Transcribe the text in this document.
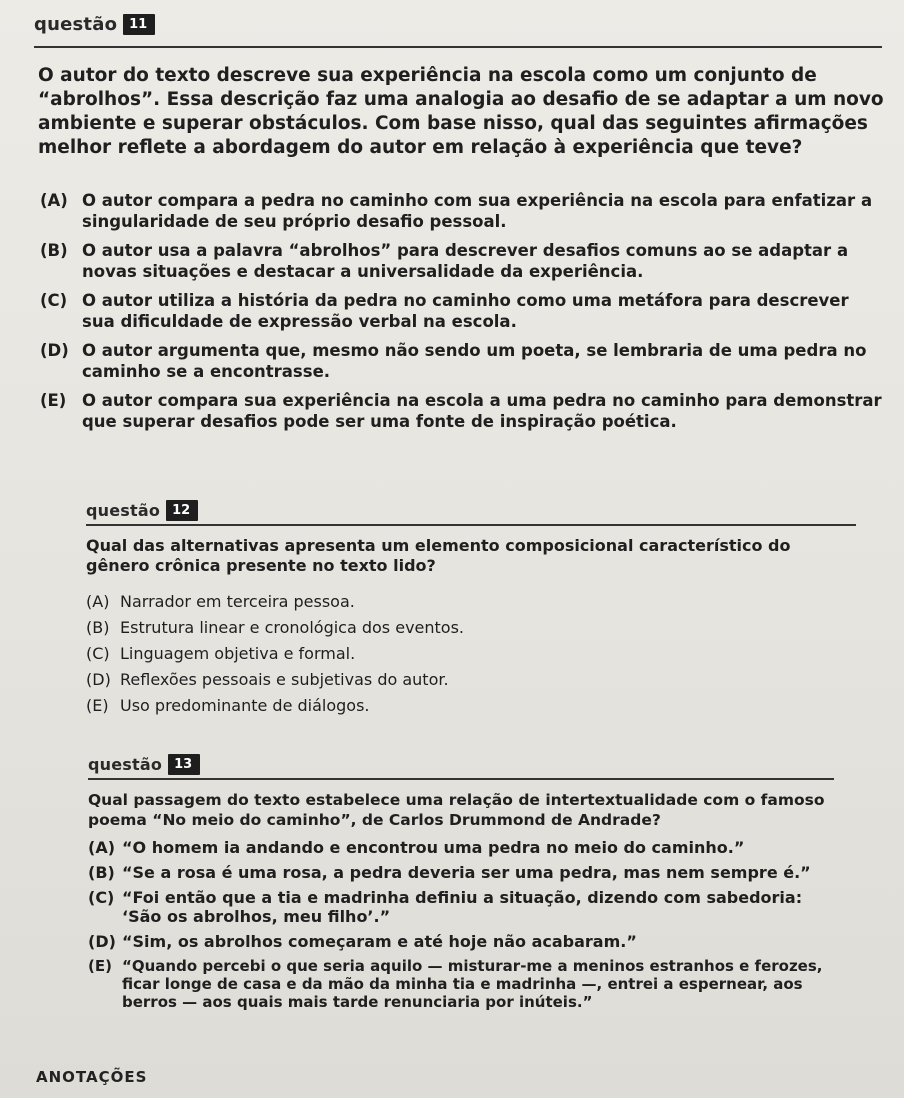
questão 11

O autor do texto descreve sua experiência na escola como um conjunto de “abrolhos”. Essa descrição faz uma analogia ao desafio de se adaptar a um novo ambiente e superar obstáculos. Com base nisso, qual das seguintes afirmações melhor reflete a abordagem do autor em relação à experiência que teve?

(A) O autor compara a pedra no caminho com sua experiência na escola para enfatizar a singularidade de seu próprio desafio pessoal.
(B) O autor usa a palavra “abrolhos” para descrever desafios comuns ao se adaptar a novas situações e destacar a universalidade da experiência.
(C) O autor utiliza a história da pedra no caminho como uma metáfora para descrever sua dificuldade de expressão verbal na escola.
(D) O autor argumenta que, mesmo não sendo um poeta, se lembraria de uma pedra no caminho se a encontrasse.
(E) O autor compara sua experiência na escola a uma pedra no caminho para demonstrar que superar desafios pode ser uma fonte de inspiração poética.
questão 12

Qual das alternativas apresenta um elemento composicional característico do gênero crônica presente no texto lido?

(A) Narrador em terceira pessoa.
(B) Estrutura linear e cronológica dos eventos.
(C) Linguagem objetiva e formal.
(D) Reflexões pessoais e subjetivas do autor.
(E) Uso predominante de diálogos.
questão 13

Qual passagem do texto estabelece uma relação de intertextualidade com o famoso poema “No meio do caminho”, de Carlos Drummond de Andrade?

(A) “O homem ia andando e encontrou uma pedra no meio do caminho.”
(B) “Se a rosa é uma rosa, a pedra deveria ser uma pedra, mas nem sempre é.”
(C) “Foi então que a tia e madrinha definiu a situação, dizendo com sabedoria: ‘São os abrolhos, meu filho’.”
(D) “Sim, os abrolhos começaram e até hoje não acabaram.”
(E) “Quando percebi o que seria aquilo — misturar-me a meninos estranhos e ferozes, ficar longe de casa e da mão da minha tia e madrinha —, entrei a espernear, aos berros — aos quais mais tarde renunciaria por inúteis.”
ANOTAÇÕES
